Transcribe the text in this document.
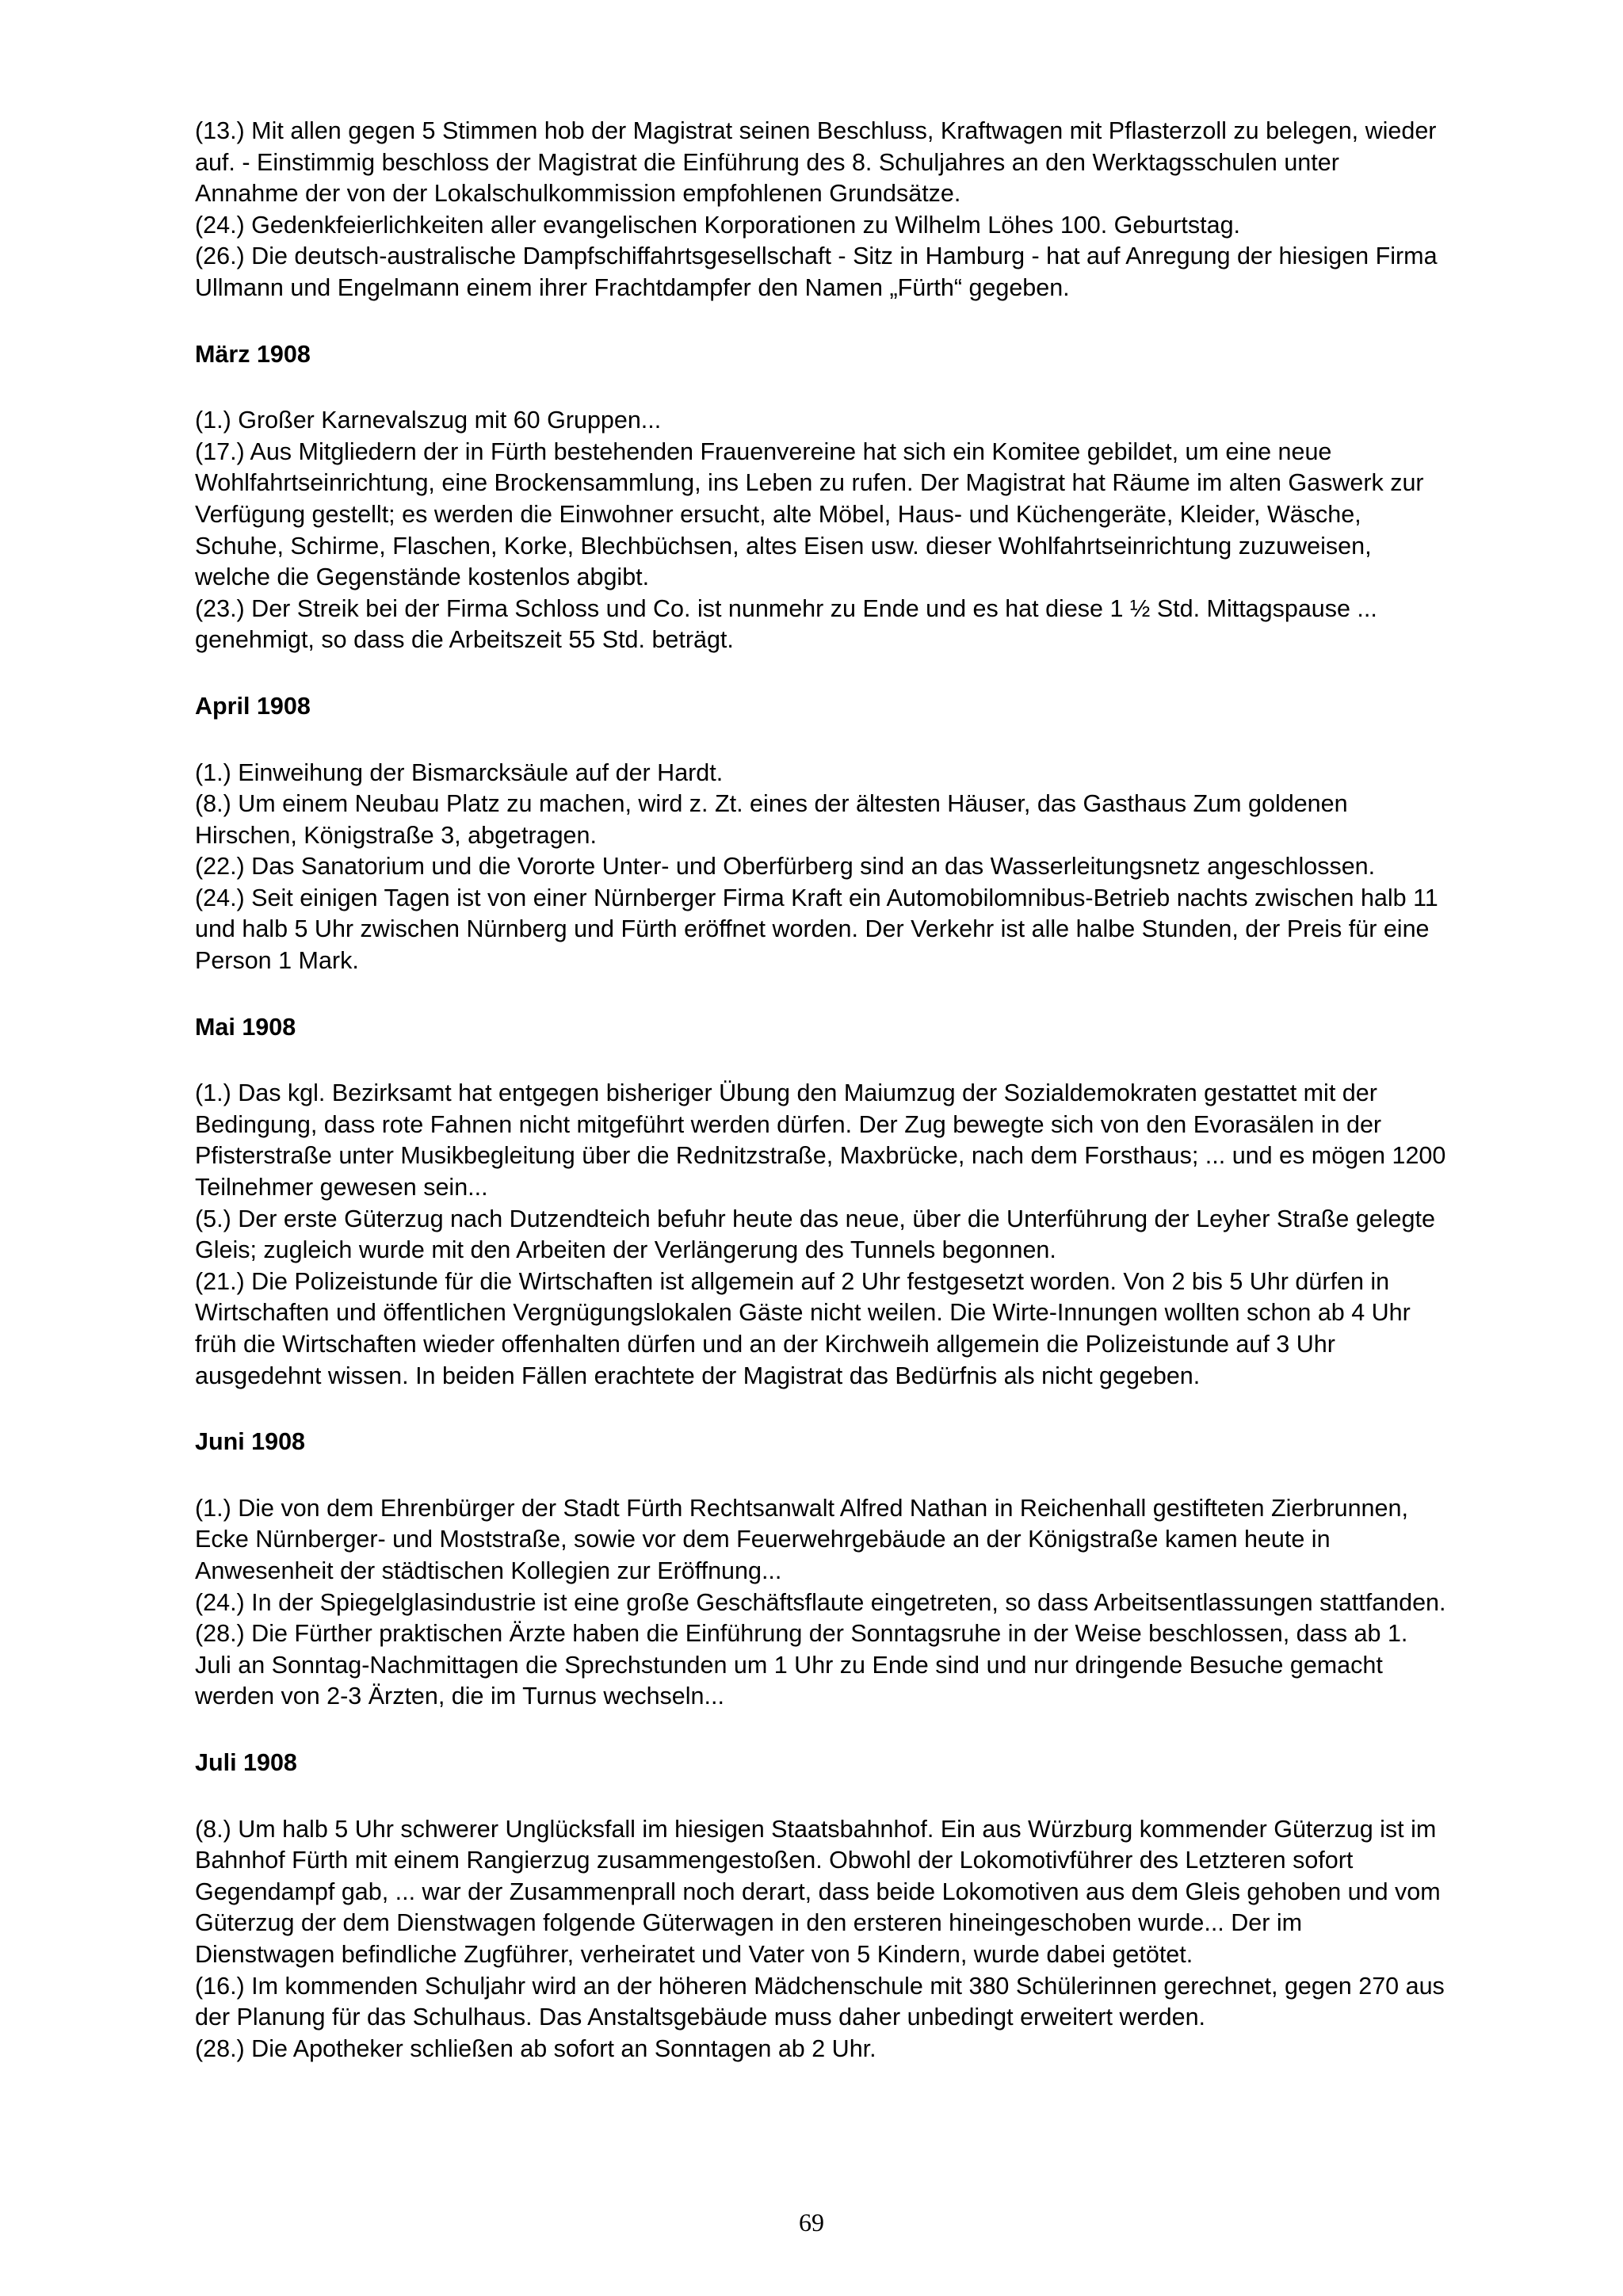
(13.) Mit allen gegen 5 Stimmen hob der Magistrat seinen Beschluss, Kraftwagen mit Pflasterzoll zu belegen, wieder auf. - Einstimmig beschloss der Magistrat die Einführung des 8. Schuljahres an den Werktagsschulen unter Annahme der von der Lokalschulkommission empfohlenen Grundsätze.

(24.) Gedenkfeierlichkeiten aller evangelischen Korporationen zu Wilhelm Löhes 100. Geburtstag.

(26.) Die deutsch-australische Dampfschiffahrtsgesellschaft - Sitz in Hamburg - hat auf Anregung der hiesigen Firma Ullmann und Engelmann einem ihrer Frachtdampfer den Namen „Fürth“ gegeben.

März 1908

(1.) Großer Karnevalszug mit 60 Gruppen...

(17.) Aus Mitgliedern der in Fürth bestehenden Frauenvereine hat sich ein Komitee gebildet, um eine neue Wohlfahrtseinrichtung, eine Brockensammlung, ins Leben zu rufen. Der Magistrat hat Räume im alten Gaswerk zur Verfügung gestellt; es werden die Einwohner ersucht, alte Möbel, Haus- und Küchengeräte, Kleider, Wäsche, Schuhe, Schirme, Flaschen, Korke, Blechbüchsen, altes Eisen usw. dieser Wohlfahrtseinrichtung zuzuweisen, welche die Gegenstände kostenlos abgibt.

(23.) Der Streik bei der Firma Schloss und Co. ist nunmehr zu Ende und es hat diese 1 ½ Std. Mittagspause ... genehmigt, so dass die Arbeitszeit 55 Std. beträgt.

April 1908

(1.) Einweihung der Bismarcksäule auf der Hardt.

(8.) Um einem Neubau Platz zu machen, wird z. Zt. eines der ältesten Häuser, das Gasthaus Zum goldenen Hirschen, Königstraße 3, abgetragen.

(22.) Das Sanatorium und die Vororte Unter- und Oberfürberg sind an das Wasserleitungsnetz angeschlossen.

(24.) Seit einigen Tagen ist von einer Nürnberger Firma Kraft ein Automobilomnibus-Betrieb nachts zwischen halb 11 und halb 5 Uhr zwischen Nürnberg und Fürth eröffnet worden. Der Verkehr ist alle halbe Stunden, der Preis für eine Person 1 Mark.

Mai 1908

(1.) Das kgl. Bezirksamt hat entgegen bisheriger Übung den Maiumzug der Sozialdemokraten gestattet mit der Bedingung, dass rote Fahnen nicht mitgeführt werden dürfen. Der Zug bewegte sich von den Evorasälen in der Pfisterstraße unter Musikbegleitung über die Rednitzstraße, Maxbrücke, nach dem Forsthaus; ... und es mögen 1200 Teilnehmer gewesen sein...

(5.) Der erste Güterzug nach Dutzendteich befuhr heute das neue, über die Unterführung der Leyher Straße gelegte Gleis; zugleich wurde mit den Arbeiten der Verlängerung des Tunnels begonnen.

(21.) Die Polizeistunde für die Wirtschaften ist allgemein auf 2 Uhr festgesetzt worden. Von 2 bis 5 Uhr dürfen in Wirtschaften und öffentlichen Vergnügungslokalen Gäste nicht weilen. Die Wirte-Innungen wollten schon ab 4 Uhr früh die Wirtschaften wieder offenhalten dürfen und an der Kirchweih allgemein die Polizeistunde auf 3 Uhr ausgedehnt wissen. In beiden Fällen erachtete der Magistrat das Bedürfnis als nicht gegeben.

Juni 1908

(1.) Die von dem Ehrenbürger der Stadt Fürth Rechtsanwalt Alfred Nathan in Reichenhall gestifteten Zierbrunnen, Ecke Nürnberger- und Moststraße, sowie vor dem Feuerwehrgebäude an der Königstraße kamen heute in Anwesenheit der städtischen Kollegien zur Eröffnung...

(24.) In der Spiegelglasindustrie ist eine große Geschäftsflaute eingetreten, so dass Arbeitsentlassungen stattfanden.

(28.) Die Fürther praktischen Ärzte haben die Einführung der Sonntagsruhe in der Weise beschlossen, dass ab 1. Juli an Sonntag-Nachmittagen die Sprechstunden um 1 Uhr zu Ende sind und nur dringende Besuche gemacht werden von 2-3 Ärzten, die im Turnus wechseln...

Juli 1908

(8.) Um halb 5 Uhr schwerer Unglücksfall im hiesigen Staatsbahnhof. Ein aus Würzburg kommender Güterzug ist im Bahnhof Fürth mit einem Rangierzug zusammengestoßen. Obwohl der Lokomotivführer des Letzteren sofort Gegendampf gab, ... war der Zusammenprall noch derart, dass beide Lokomotiven aus dem Gleis gehoben und vom Güterzug der dem Dienstwagen folgende Güterwagen in den ersteren hineingeschoben wurde... Der im Dienstwagen befindliche Zugführer, verheiratet und Vater von 5 Kindern, wurde dabei getötet.

(16.) Im kommenden Schuljahr wird an der höheren Mädchenschule mit 380 Schülerinnen gerechnet, gegen 270 aus der Planung für das Schulhaus. Das Anstaltsgebäude muss daher unbedingt erweitert werden.

(28.) Die Apotheker schließen ab sofort an Sonntagen ab 2 Uhr.

69
